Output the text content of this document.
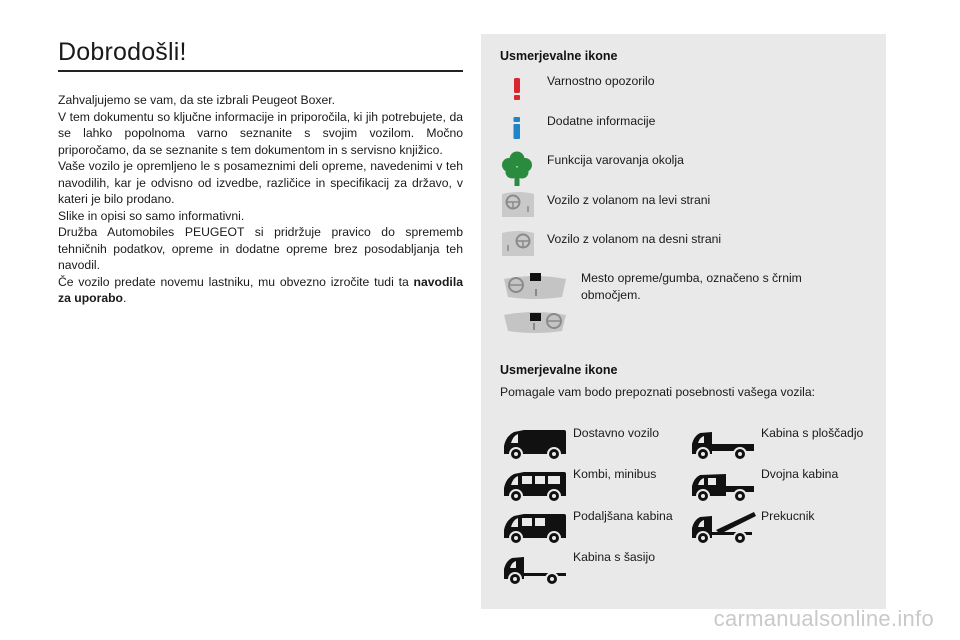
Dobrodošli!

Zahvaljujemo se vam, da ste izbrali Peugeot Boxer.

V tem dokumentu so ključne informacije in priporočila, ki jih potrebujete, da se lahko popolnoma varno seznanite s svojim vozilom. Močno priporočamo, da se seznanite s tem dokumentom in s servisno knjižico.

Vaše vozilo je opremljeno le s posameznimi deli opreme, navedenimi v teh navodilih, kar je odvisno od izvedbe, različice in specifikacij za državo, v kateri je bilo prodano.

Slike in opisi so samo informativni.

Družba Automobiles PEUGEOT si pridržuje pravico do sprememb tehničnih podatkov, opreme in dodatne opreme brez posodabljanja teh navodil.

Če vozilo predate novemu lastniku, mu obvezno izročite tudi ta navodila za uporabo.

Usmerjevalne ikone
Varnostno opozorilo
Dodatne informacije
Funkcija varovanja okolja
Vozilo z volanom na levi strani
Vozilo z volanom na desni strani
Mesto opreme/gumba, označeno s črnim območjem.
Usmerjevalne ikone
Pomagale vam bodo prepoznati posebnosti vašega vozila:
Dostavno vozilo	Kabina s ploščadjo
Kombi, minibus	Dvojna kabina
Podaljšana kabina	Prekucnik
Kabina s šasijo
carmanualsonline.info
